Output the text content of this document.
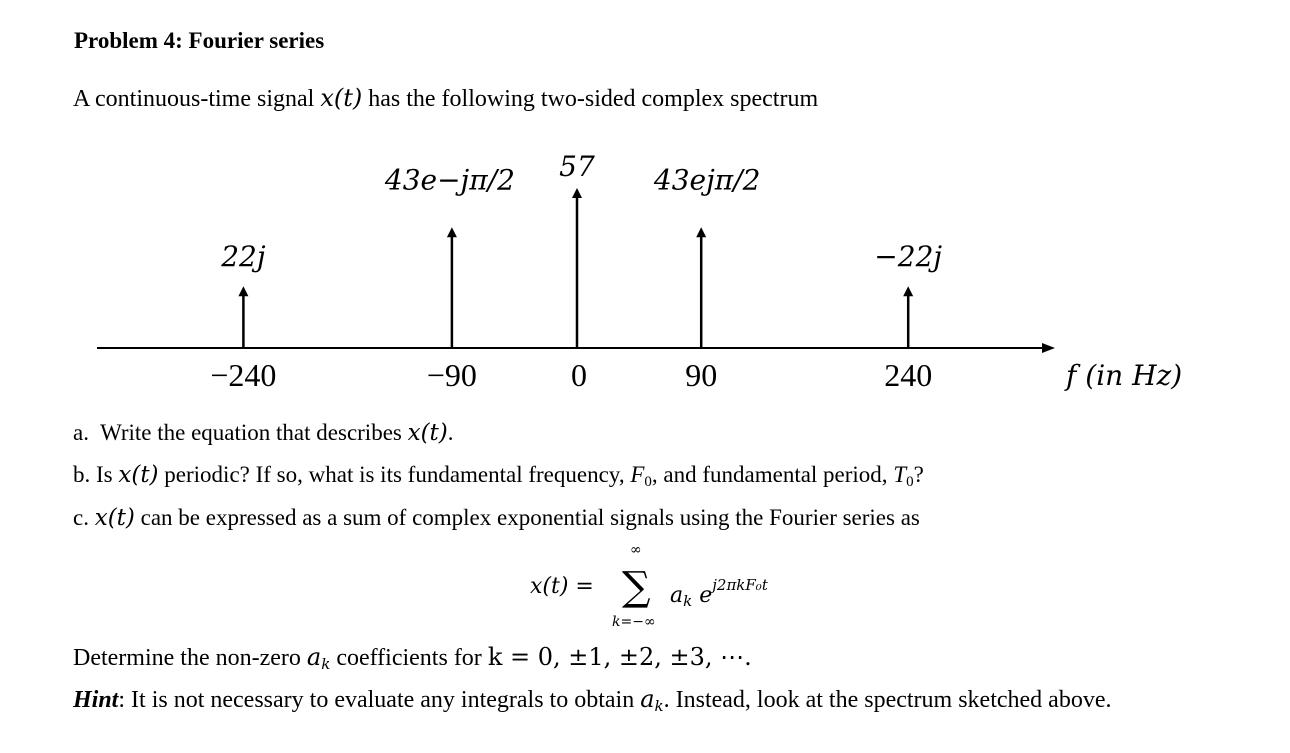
Problem 4: Fourier series
A continuous-time signal x(t) has the following two-sided complex spectrum
22j
−240
43e−jπ/2
−90
57
0
43ejπ/2
90
−22j
240	f (in Hz)
a. Write the equation that describes x(t).
b. Is x(t) periodic? If so, what is its fundamental frequency, $F_0$, and fundamental period, $T_0$?
c. x(t) can be expressed as a sum of complex exponential signals using the Fourier series as
x(t) =
∞
∑
k=−∞
$a_k$ $e^{j2\pi kF_0t}$
Determine the non-zero $a_k$ coefficients for k = 0, ±1, ±2, ±3, ⋯.
Hint: It is not necessary to evaluate any integrals to obtain $a_k$. Instead, look at the spectrum sketched above.
